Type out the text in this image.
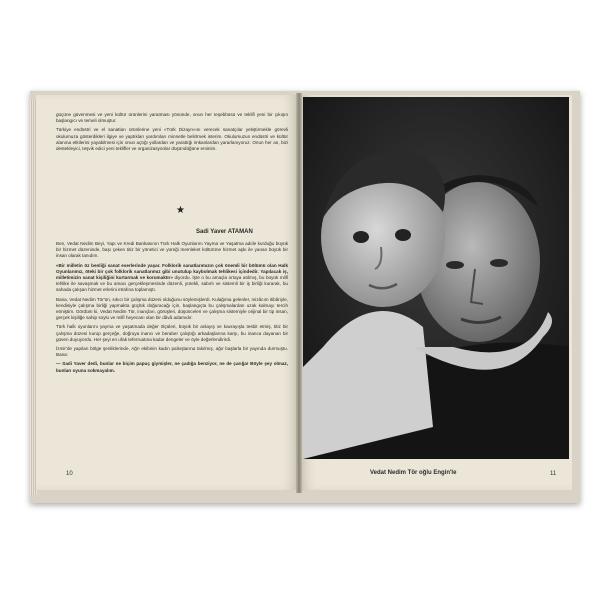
güçüne güvenmesi ve yeni kültür ürünlerini yaratması yönünde, onun her teşebbüsü ve teklifi yeni bir çıkışın başlangıcı ve temeli olmuştur.

Türkiye endüstri ve el sanatları ürünlerine yeni «Türk Dizayn»ını verecek sanatçılar yetiştirmekle görevli okulumuza gösterdikleri ilgiye ve yaptıkları yardımları minnetle belirtmek isterim. Okulumuzun endüstri ve kültür alanına etkilerini yayabilmesi için onun açtığı yollardan ve yarattığı imkanlardan yararlanıyoruz. Onun her an, bizi destekleyici, teşvik edici yeni teklifler ve organizasyonlar düşündüğüne eminim.

★
Sadi Yaver ATAMAN

Ben, Vedat Nedim Beyi, Yapı ve Kredi Bankasının Türk Halk Oyunlarını Yayma ve Yaşatma adıile kurduğu büyük bir hizmet düzeninde, başı çeken titiz bir yönetici ve yüreği memleket kültürüne hizmet aşkı ile yanan büyük bir insan olarak tanıdım.

«Bir milletin öz benliği sanat eserlerinde yaşar. Folklorik sanatlarımızın çok önemli bir bölümü olan Halk Oyunlarımız, öteki bir çok folklorik sanatlarımız gibi unutulup kaybolmak tehlikesi içindedir. Yapılacak iş, milletimizin sanat kişiliğini kurtarmak ve korumaktır» diyordu. İşte o bu amaçla ortaya atılmış, bu büyük millî tehlike ile savaşmak ve bu amacı gerçekleşmesinde düzenli, yürekli, sabırlı ve sistemli bir iş birliği kurarak, bu sahada çalışan hizmet erlerini etrafına toplamıştı.

Bana, Vedat Nedim Tör'ün, sıkıcı bir çalışma düzeni olduğunu söylemişlerdi. Kulağıma gelenler, mizâcım itibâriyle, kendisiyle çalışma birliği yapmakta güçlük doğuracağı için, başlangıçta bu çalışmalardan uzak kalmayı tercih etmiştim. Gördüm ki, Vedat Nedim Tör, inançları, görüşleri, düşünceleri ve çalışma sistemiyle orijinal bir tip insan, gerçek kişiliğe sahip soylu ve millî heyecanı olan bir dâvâ adamıdır.

Türk halk oyunlarını yayma ve yaşatmada değer ölçüleri, büyük bir anlayış ve kavrayışla tesbit etmiş, titiz bir çalışma düzeni kurup gerçeğe, doğruya inancı ve beraber çalıştığı arkadaşlarına karşı, bu inanca dayanan bir güven duyuyordu. Her şeyi en ufak teferruatına kadar dengeler ve öyle değerlendirirdi.

İzmir'de yapılan bölge şenliklerinde, Ağrı ekibinin kadın palsıştarına takılmış, ağır başlarla bir yayında durmuştu. Bana:

— Sadi Yaver dedi, bunlar ne biçim papuç giymişler, ne çadığa benziyor, ne de çarığa! Böyle şey olmaz, bunları oyuna sokmayalım.

10	Vedat Nedim Tör oğlu Engin'le	11
